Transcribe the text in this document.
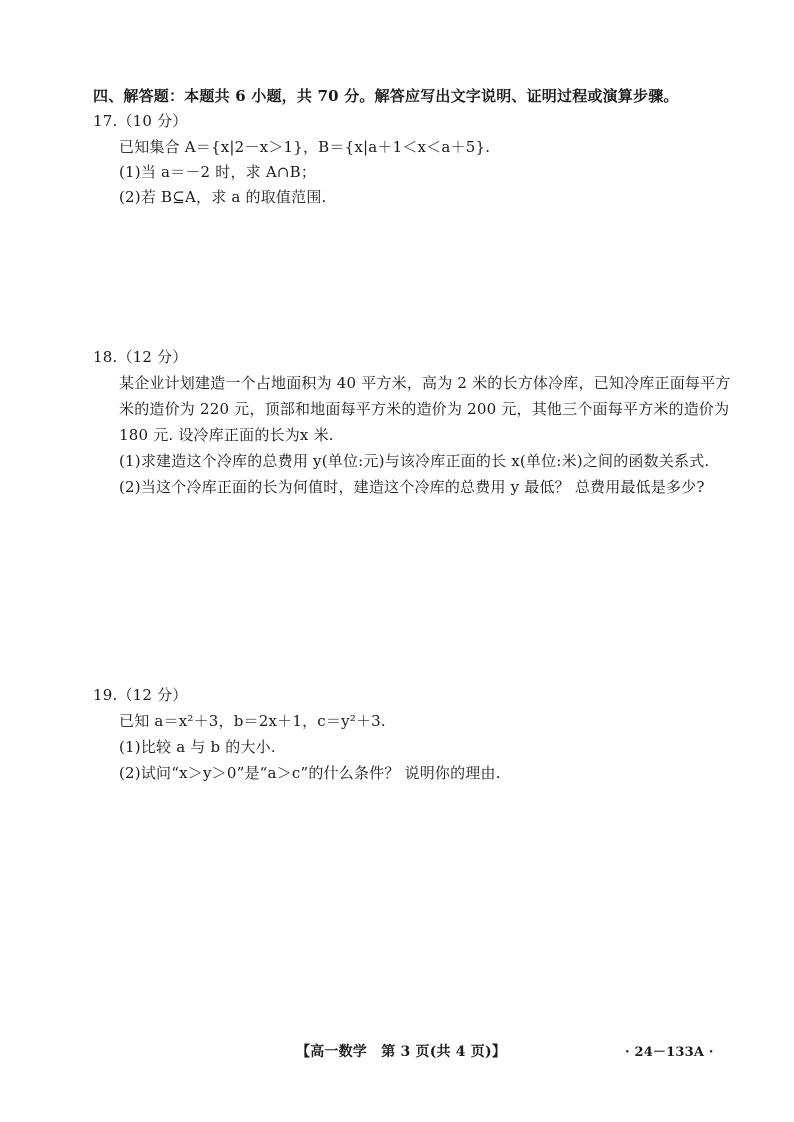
四、解答题：本题共 6 小题，共 70 分。解答应写出文字说明、证明过程或演算步骤。
17.（10 分）
已知集合 A＝{x|2－x＞1}，B＝{x|a＋1＜x＜a＋5}.
(1)当 a＝－2 时，求 A∩B；
(2)若 B⊆A，求 a 的取值范围.
18.（12 分）
某企业计划建造一个占地面积为 40 平方米，高为 2 米的长方体冷库，已知冷库正面每平方
米的造价为 220 元，顶部和地面每平方米的造价为 200 元，其他三个面每平方米的造价为
180 元. 设冷库正面的长为x 米.
(1)求建造这个冷库的总费用 y(单位:元)与该冷库正面的长 x(单位:米)之间的函数关系式.
(2)当这个冷库正面的长为何值时，建造这个冷库的总费用 y 最低？ 总费用最低是多少?
19.（12 分）
已知 a＝x²＋3，b＝2x＋1，c＝y²＋3.
(1)比较 a 与 b 的大小.
(2)试问“x＞y＞0”是“a＞c”的什么条件？ 说明你的理由.
【高一数学　第 3 页(共 4 页)】	· 24－133A ·
